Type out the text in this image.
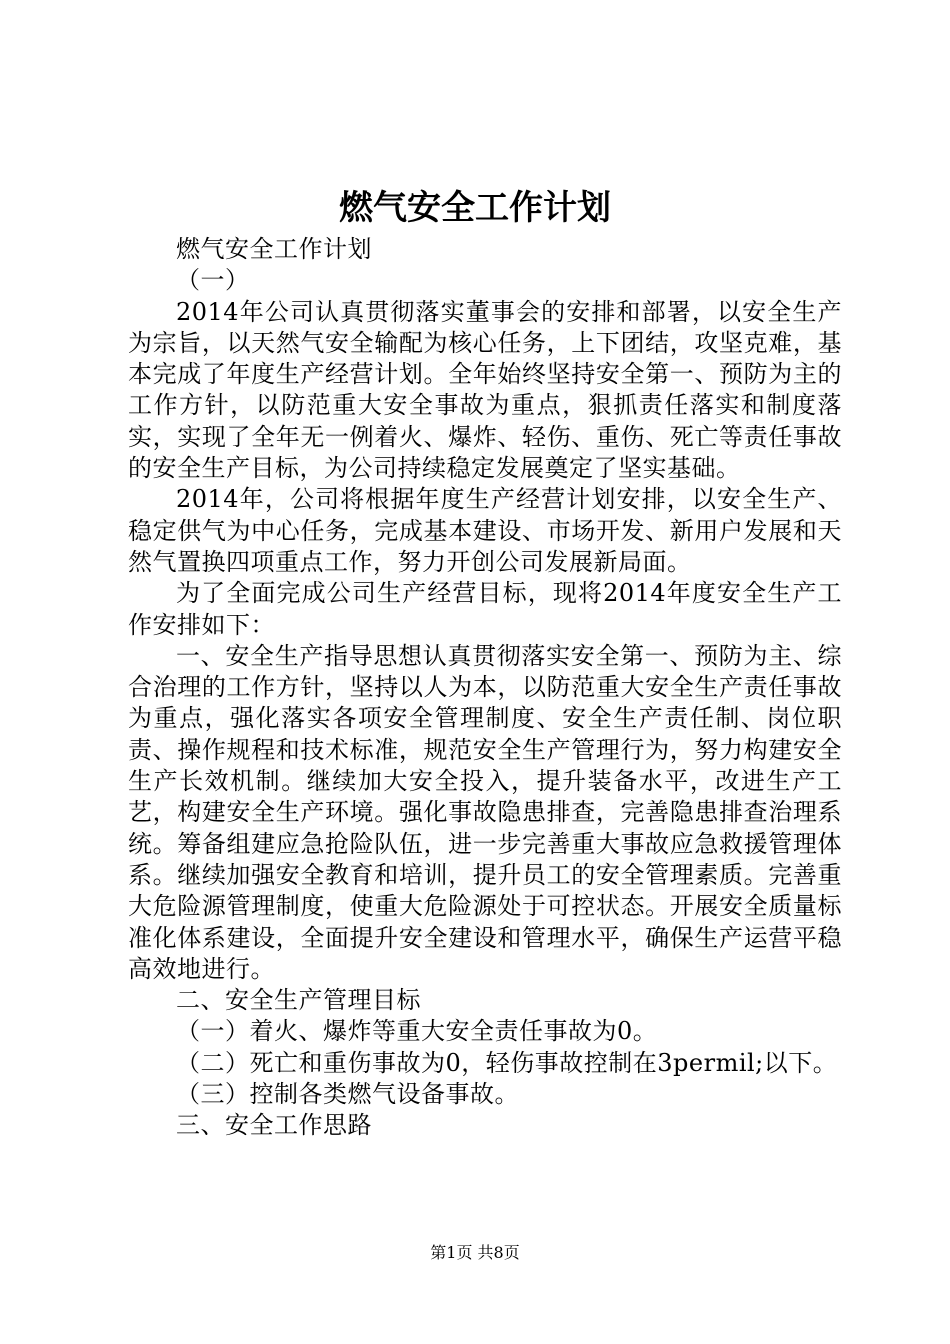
燃气安全工作计划

燃气安全工作计划

（一）

2014年公司认真贯彻落实董事会的安排和部署，以安全生产为宗旨，以天然气安全输配为核心任务，上下团结，攻坚克难，基本完成了年度生产经营计划。全年始终坚持安全第一、预防为主的工作方针，以防范重大安全事故为重点，狠抓责任落实和制度落实，实现了全年无一例着火、爆炸、轻伤、重伤、死亡等责任事故的安全生产目标，为公司持续稳定发展奠定了坚实基础。

2014年，公司将根据年度生产经营计划安排，以安全生产、稳定供气为中心任务，完成基本建设、市场开发、新用户发展和天然气置换四项重点工作，努力开创公司发展新局面。

为了全面完成公司生产经营目标，现将2014年度安全生产工作安排如下：

一、安全生产指导思想认真贯彻落实安全第一、预防为主、综合治理的工作方针，坚持以人为本，以防范重大安全生产责任事故为重点，强化落实各项安全管理制度、安全生产责任制、岗位职责、操作规程和技术标准，规范安全生产管理行为，努力构建安全生产长效机制。继续加大安全投入，提升装备水平，改进生产工艺，构建安全生产环境。强化事故隐患排查，完善隐患排查治理系统。筹备组建应急抢险队伍，进一步完善重大事故应急救援管理体系。继续加强安全教育和培训，提升员工的安全管理素质。完善重大危险源管理制度，使重大危险源处于可控状态。开展安全质量标准化体系建设，全面提升安全建设和管理水平，确保生产运营平稳高效地进行。

二、安全生产管理目标

（一）着火、爆炸等重大安全责任事故为0。

（二）死亡和重伤事故为0，轻伤事故控制在3permil;以下。

（三）控制各类燃气设备事故。

三、安全工作思路

第1页 共8页
